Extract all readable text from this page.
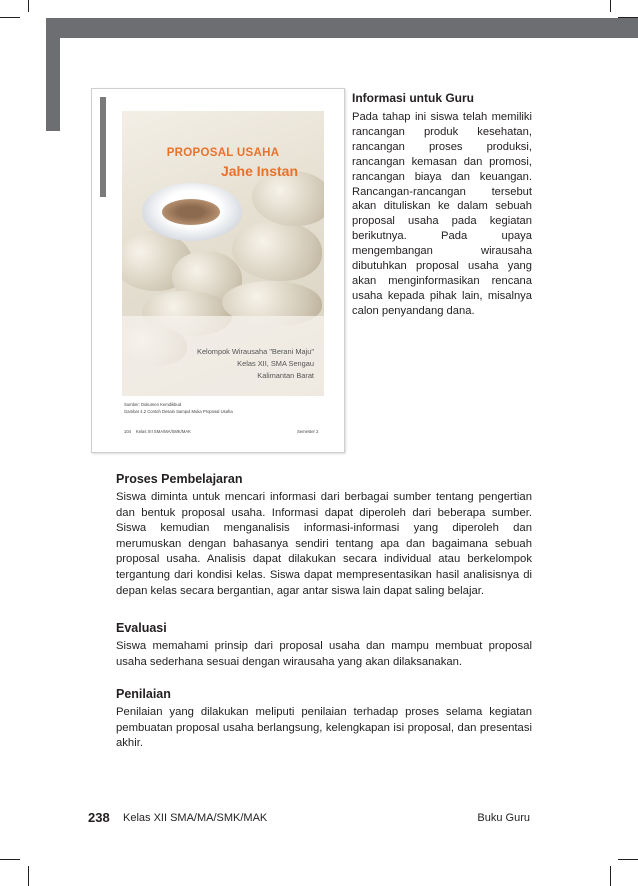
PROPOSAL USAHA
Jahe Instan
Kelompok Wirausaha "Berani Maju"
Kelas XII, SMA Sengau
Kalimantan Barat
Sumber: Dokumen Kemdikbud
Gambar 4.2 Contoh Desain Sampul Muka Proposal Usaha
104 Kelas XII SMA/MA/SMK/MAK	Semester 2
Informasi untuk Guru
Pada tahap ini siswa telah memiliki rancangan produk kesehatan, rancangan proses produksi, rancangan kemasan dan promosi, rancangan biaya dan keuangan. Rancangan-rancangan tersebut akan dituliskan ke dalam sebuah proposal usaha pada kegiatan berikutnya. Pada upaya mengembangan wirausaha dibutuhkan proposal usaha yang akan menginformasikan rencana usaha kepada pihak lain, misalnya calon penyandang dana.
Proses Pembelajaran
Siswa diminta untuk mencari informasi dari berbagai sumber tentang pengertian dan bentuk proposal usaha. Informasi dapat diperoleh dari beberapa sumber. Siswa kemudian menganalisis informasi-informasi yang diperoleh dan merumuskan dengan bahasanya sendiri tentang apa dan bagaimana sebuah proposal usaha. Analisis dapat dilakukan secara individual atau berkelompok tergantung dari kondisi kelas. Siswa dapat mempresentasikan hasil analisisnya di depan kelas secara bergantian, agar antar siswa lain dapat saling belajar.
Evaluasi
Siswa memahami prinsip dari proposal usaha dan mampu membuat proposal usaha sederhana sesuai dengan wirausaha yang akan dilaksanakan.
Penilaian
Penilaian yang dilakukan meliputi penilaian terhadap proses selama kegiatan pembuatan proposal usaha berlangsung, kelengkapan isi proposal, dan presentasi akhir.
238 Kelas XII SMA/MA/SMK/MAK	Buku Guru
